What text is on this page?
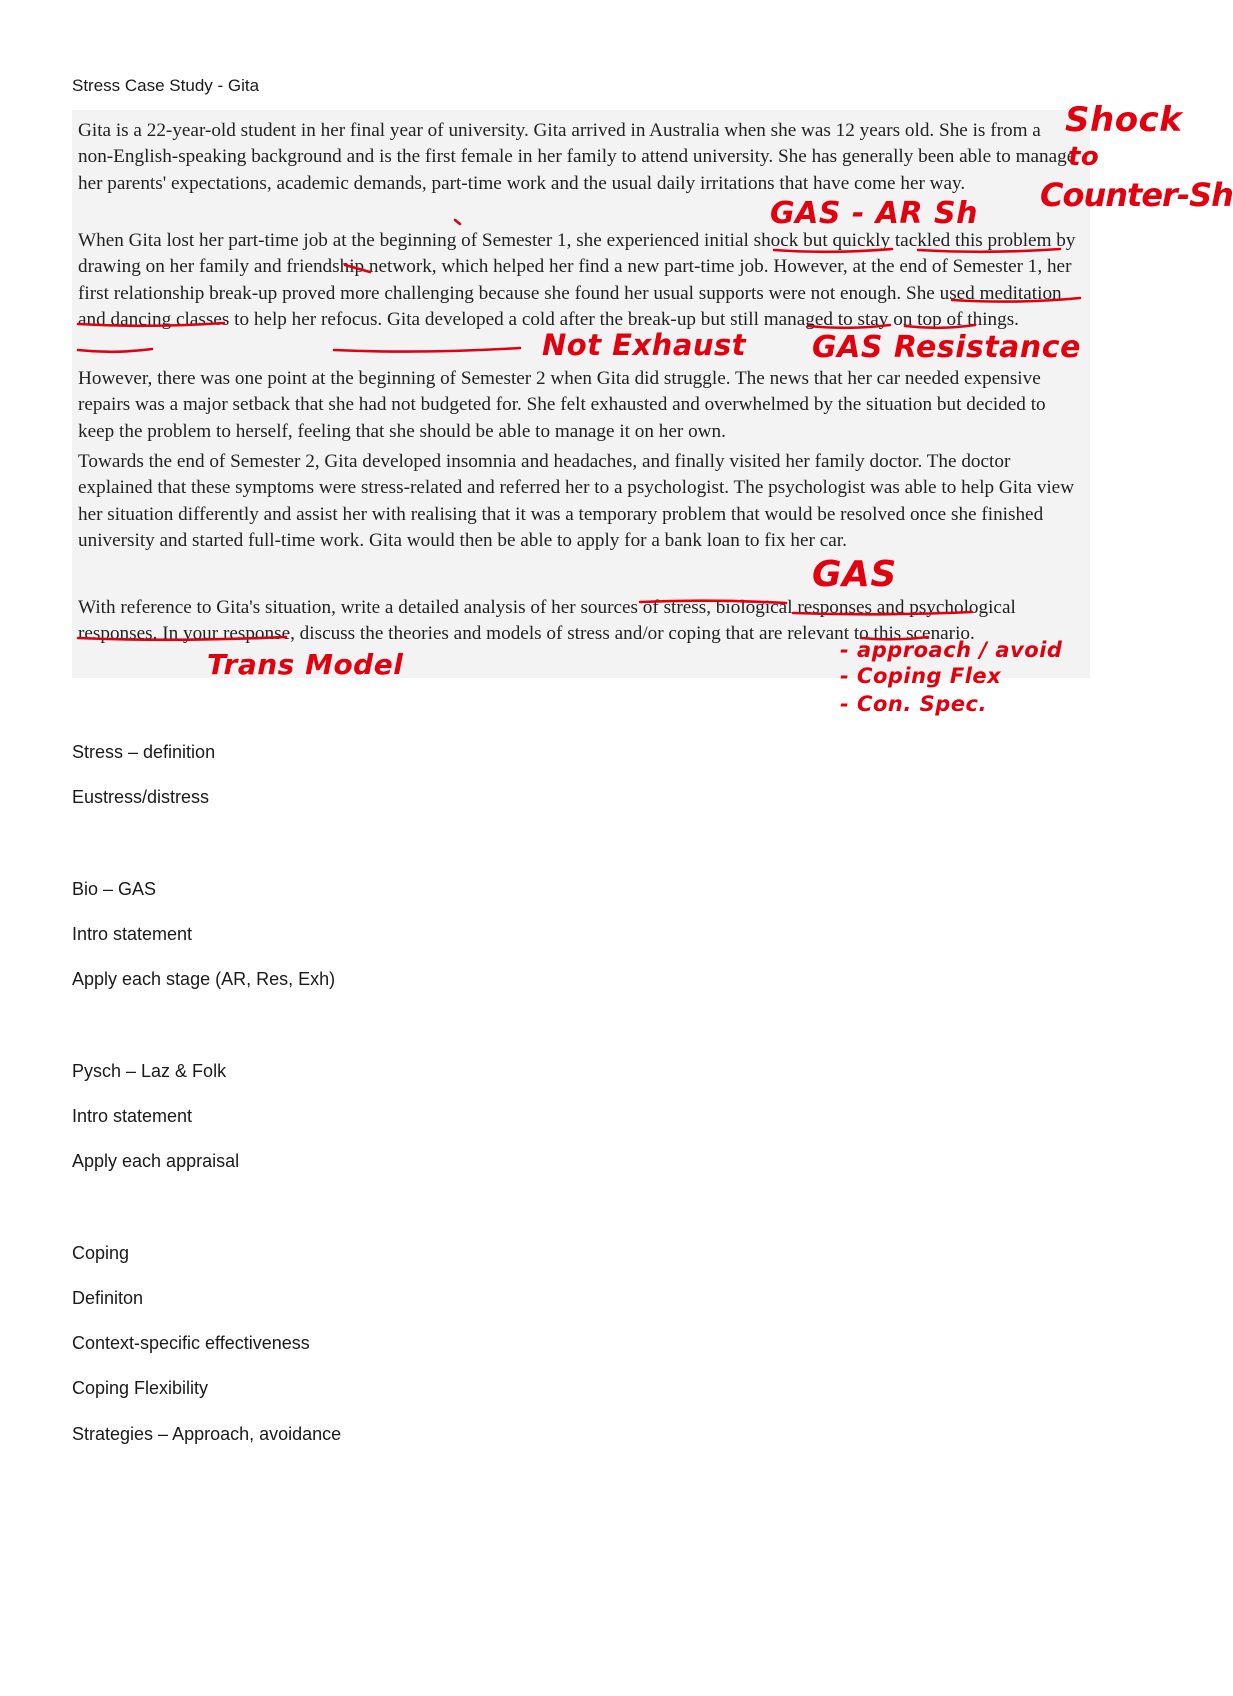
Stress Case Study - Gita

Gita is a 22-year-old student in her final year of university. Gita arrived in Australia when she was 12 years old. She is from a non-English-speaking background and is the first female in her family to attend university. She has generally been able to manage her parents' expectations, academic demands, part-time work and the usual daily irritations that have come her way.

When Gita lost her part-time job at the beginning of Semester 1, she experienced initial shock but quickly tackled this problem by drawing on her family and friendship network, which helped her find a new part-time job. However, at the end of Semester 1, her first relationship break-up proved more challenging because she found her usual supports were not enough. She used meditation and dancing classes to help her refocus. Gita developed a cold after the break-up but still managed to stay on top of things.

However, there was one point at the beginning of Semester 2 when Gita did struggle. The news that her car needed expensive repairs was a major setback that she had not budgeted for. She felt exhausted and overwhelmed by the situation but decided to keep the problem to herself, feeling that she should be able to manage it on her own.

Towards the end of Semester 2, Gita developed insomnia and headaches, and finally visited her family doctor. The doctor explained that these symptoms were stress-related and referred her to a psychologist. The psychologist was able to help Gita view her situation differently and assist her with realising that it was a temporary problem that would be resolved once she finished university and started full-time work. Gita would then be able to apply for a bank loan to fix her car.

With reference to Gita's situation, write a detailed analysis of her sources of stress, biological responses and psychological responses. In your response, discuss the theories and models of stress and/or coping that are relevant to this scenario.

Shock
to
Counter-Sh
GAS - AR Sh
Not Exhaust GAS Resistance
GAS
- approach / avoid
- Coping Flex
- Con. Spec.
Trans Model

Stress – definition

Eustress/distress

Bio – GAS

Intro statement

Apply each stage (AR, Res, Exh)

Pysch – Laz & Folk

Intro statement

Apply each appraisal

Coping

Definiton

Context-specific effectiveness

Coping Flexibility

Strategies – Approach, avoidance
